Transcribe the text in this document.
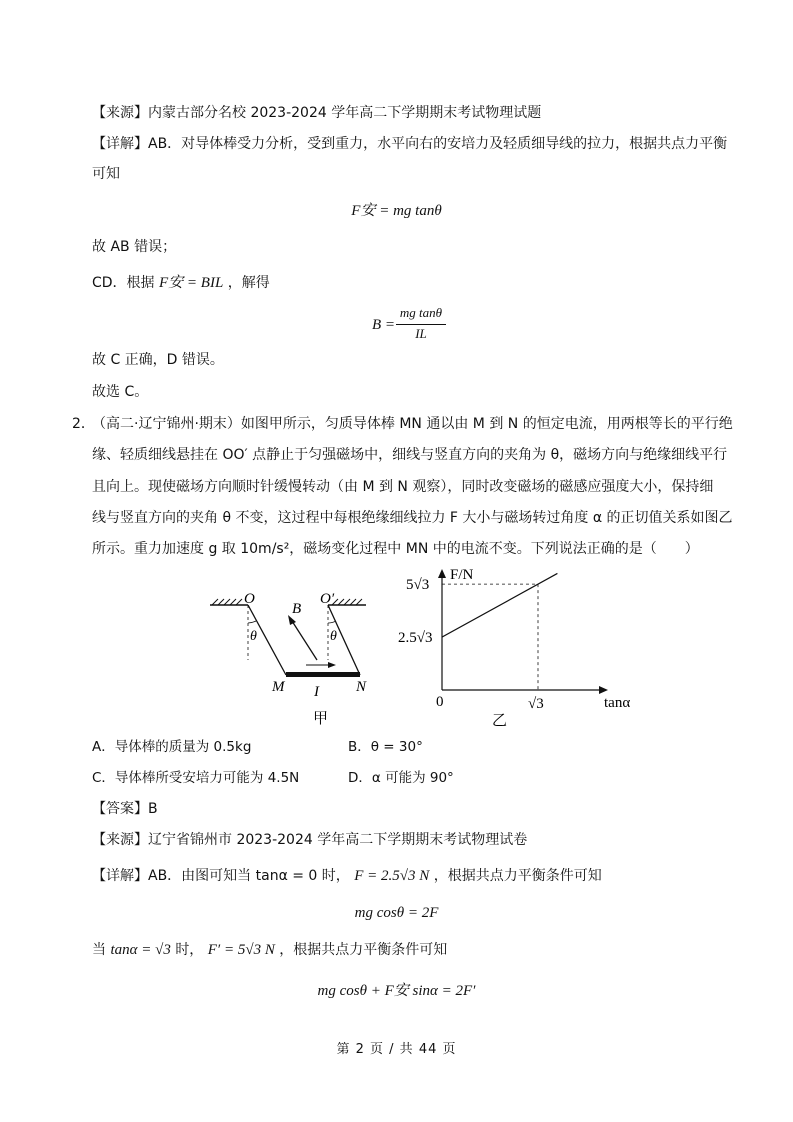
【来源】内蒙古部分名校 2023-2024 学年高二下学期期末考试物理试题
【详解】AB．对导体棒受力分析，受到重力，水平向右的安培力及轻质细导线的拉力，根据共点力平衡
可知
F安 = mg tanθ
故 AB 错误；
CD．根据 F安 = BIL ，解得
B =
mg tanθ
IL
故 C 正确，D 错误。
故选 C。
2．
（高二·辽宁锦州·期末）如图甲所示，匀质导体棒 MN 通以由 M 到 N 的恒定电流，用两根等长的平行绝
缘、轻质细线悬挂在 OO′ 点静止于匀强磁场中，细线与竖直方向的夹角为 θ，磁场方向与绝缘细线平行
且向上。现使磁场方向顺时针缓慢转动（由 M 到 N 观察），同时改变磁场的磁感应强度大小，保持细
线与竖直方向的夹角 θ 不变，这过程中每根绝缘细线拉力 F 大小与磁场转过角度 α 的正切值关系如图乙
所示。重力加速度 g 取 10m/s²，磁场变化过程中 MN 中的电流不变。下列说法正确的是（　　）
O	O′
θ	θ
B
I
M	N
甲
F/N
tanα
0
5√3
2.5√3
√3
乙
A．导体棒的质量为 0.5kg	B．θ = 30°
C．导体棒所受安培力可能为 4.5N	D．α 可能为 90°
【答案】B
【来源】辽宁省锦州市 2023-2024 学年高二下学期期末考试物理试卷
【详解】AB．由图可知当 tanα = 0 时， F = 2.5√3 N ，根据共点力平衡条件可知
mg cosθ = 2F
当 tanα = √3 时， F′ = 5√3 N ，根据共点力平衡条件可知
mg cosθ + F安 sinα = 2F′
第 2 页 / 共 44 页
